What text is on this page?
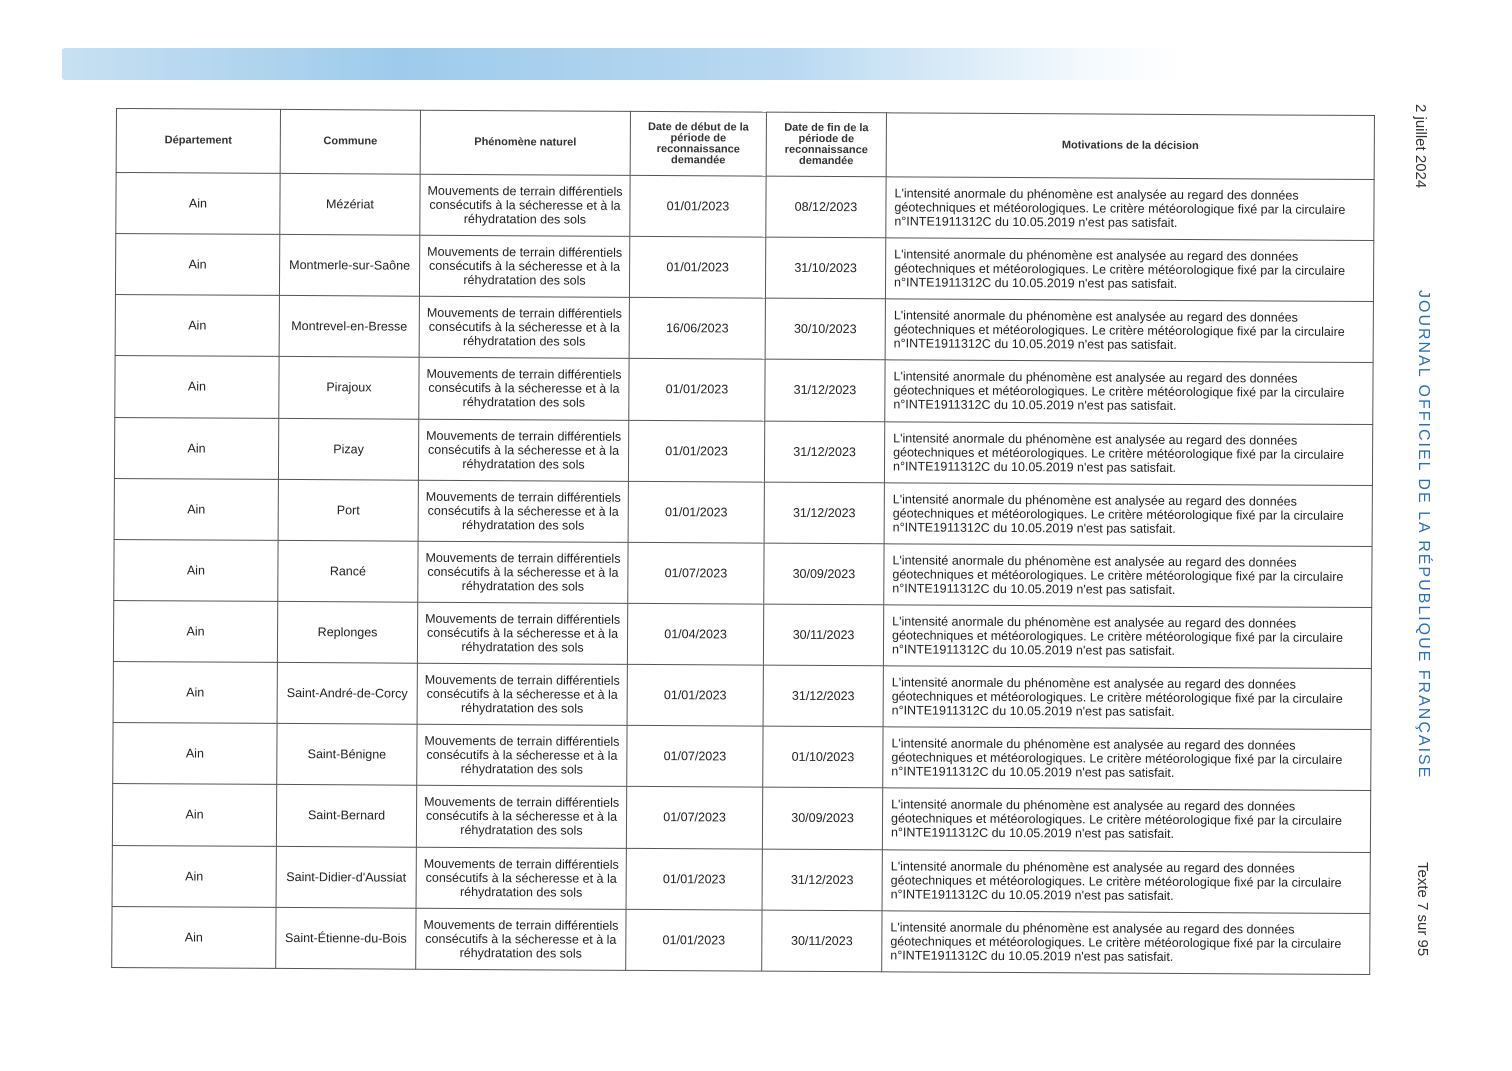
Département	Commune	Phénomène naturel	Date de début de la période de reconnaissance demandée	Date de fin de la période de reconnaissance demandée	Motivations de la décision
Ain	Mézériat	Mouvements de terrain différentiels consécutifs à la sécheresse et à la réhydratation des sols	01/01/2023	08/12/2023	L'intensité anormale du phénomène est analysée au regard des données géotechniques et météorologiques. Le critère météorologique fixé par la circulaire n°INTE1911312C du 10.05.2019 n'est pas satisfait.
Ain	Montmerle-sur-Saône	Mouvements de terrain différentiels consécutifs à la sécheresse et à la réhydratation des sols	01/01/2023	31/10/2023	L'intensité anormale du phénomène est analysée au regard des données géotechniques et météorologiques. Le critère météorologique fixé par la circulaire n°INTE1911312C du 10.05.2019 n'est pas satisfait.
Ain	Montrevel-en-Bresse	Mouvements de terrain différentiels consécutifs à la sécheresse et à la réhydratation des sols	16/06/2023	30/10/2023	L'intensité anormale du phénomène est analysée au regard des données géotechniques et météorologiques. Le critère météorologique fixé par la circulaire n°INTE1911312C du 10.05.2019 n'est pas satisfait.
Ain	Pirajoux	Mouvements de terrain différentiels consécutifs à la sécheresse et à la réhydratation des sols	01/01/2023	31/12/2023	L'intensité anormale du phénomène est analysée au regard des données géotechniques et météorologiques. Le critère météorologique fixé par la circulaire n°INTE1911312C du 10.05.2019 n'est pas satisfait.
Ain	Pizay	Mouvements de terrain différentiels consécutifs à la sécheresse et à la réhydratation des sols	01/01/2023	31/12/2023	L'intensité anormale du phénomène est analysée au regard des données géotechniques et météorologiques. Le critère météorologique fixé par la circulaire n°INTE1911312C du 10.05.2019 n'est pas satisfait.
Ain	Port	Mouvements de terrain différentiels consécutifs à la sécheresse et à la réhydratation des sols	01/01/2023	31/12/2023	L'intensité anormale du phénomène est analysée au regard des données géotechniques et météorologiques. Le critère météorologique fixé par la circulaire n°INTE1911312C du 10.05.2019 n'est pas satisfait.
Ain	Rancé	Mouvements de terrain différentiels consécutifs à la sécheresse et à la réhydratation des sols	01/07/2023	30/09/2023	L'intensité anormale du phénomène est analysée au regard des données géotechniques et météorologiques. Le critère météorologique fixé par la circulaire n°INTE1911312C du 10.05.2019 n'est pas satisfait.
Ain	Replonges	Mouvements de terrain différentiels consécutifs à la sécheresse et à la réhydratation des sols	01/04/2023	30/11/2023	L'intensité anormale du phénomène est analysée au regard des données géotechniques et météorologiques. Le critère météorologique fixé par la circulaire n°INTE1911312C du 10.05.2019 n'est pas satisfait.
Ain	Saint-André-de-Corcy	Mouvements de terrain différentiels consécutifs à la sécheresse et à la réhydratation des sols	01/01/2023	31/12/2023	L'intensité anormale du phénomène est analysée au regard des données géotechniques et météorologiques. Le critère météorologique fixé par la circulaire n°INTE1911312C du 10.05.2019 n'est pas satisfait.
Ain	Saint-Bénigne	Mouvements de terrain différentiels consécutifs à la sécheresse et à la réhydratation des sols	01/07/2023	01/10/2023	L'intensité anormale du phénomène est analysée au regard des données géotechniques et météorologiques. Le critère météorologique fixé par la circulaire n°INTE1911312C du 10.05.2019 n'est pas satisfait.
Ain	Saint-Bernard	Mouvements de terrain différentiels consécutifs à la sécheresse et à la réhydratation des sols	01/07/2023	30/09/2023	L'intensité anormale du phénomène est analysée au regard des données géotechniques et météorologiques. Le critère météorologique fixé par la circulaire n°INTE1911312C du 10.05.2019 n'est pas satisfait.
Ain	Saint-Didier-d'Aussiat	Mouvements de terrain différentiels consécutifs à la sécheresse et à la réhydratation des sols	01/01/2023	31/12/2023	L'intensité anormale du phénomène est analysée au regard des données géotechniques et météorologiques. Le critère météorologique fixé par la circulaire n°INTE1911312C du 10.05.2019 n'est pas satisfait.
Ain	Saint-Étienne-du-Bois	Mouvements de terrain différentiels consécutifs à la sécheresse et à la réhydratation des sols	01/01/2023	30/11/2023	L'intensité anormale du phénomène est analysée au regard des données géotechniques et météorologiques. Le critère météorologique fixé par la circulaire n°INTE1911312C du 10.05.2019 n'est pas satisfait.
2 juillet 2024
JOURNAL OFFICIEL DE LA RÉPUBLIQUE FRANÇAISE
Texte 7 sur 95
